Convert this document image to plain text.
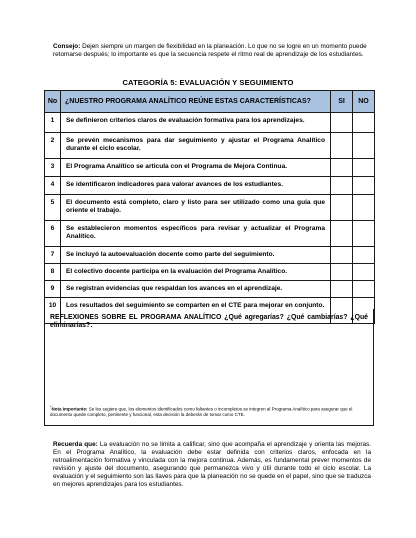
Consejo: Dejen siempre un margen de flexibilidad en la planeación. Lo que no se logre en un momento puede retomarse después; lo importante es que la secuencia respete el ritmo real de aprendizaje de los estudiantes.

CATEGORÍA 5: EVALUACIÓN Y SEGUIMIENTO
No	¿NUESTRO PROGRAMA ANALÍTICO REÚNE ESTAS CARACTERÍSTICAS?	SI	NO
1	Se definieron criterios claros de evaluación formativa para los aprendizajes.		
2	Se prevén mecanismos para dar seguimiento y ajustar el Programa Analítico durante el ciclo escolar.		
3	El Programa Analítico se articula con el Programa de Mejora Continua.		
4	Se identificaron indicadores para valorar avances de los estudiantes.		
5	El documento está completo, claro y listo para ser utilizado como una guía que oriente el trabajo.		
6	Se establecieron momentos específicos para revisar y actualizar el Programa Analítico.		
7	Se incluyó la autoevaluación docente como parte del seguimiento.		
8	El colectivo docente participa en la evaluación del Programa Analítico.		
9	Se registran evidencias que respaldan los avances en el aprendizaje.		
10	Los resultados del seguimiento se comparten en el CTE para mejorar en conjunto.		
REFLEXIONES SOBRE EL PROGRAMA ANALÍTICO ¿Qué agregarías? ¿Qué cambiarías? ¿Qué eliminarías?:
*Nota importante: Se les sugiere que, los elementos identificados como faltantes o incompletos se integren al Programa Analítico para asegurar que el documento quede completo, pertinente y funcional, esta decisión la deberán de tomar como CTE.

Recuerda que: La evaluación no se limita a calificar, sino que acompaña el aprendizaje y orienta las mejoras. En el Programa Analítico, la evaluación debe estar definida con criterios claros, enfocada en la retroalimentación formativa y vinculada con la mejora continua. Además, es fundamental prever momentos de revisión y ajuste del documento, asegurando que permanezca vivo y útil durante todo el ciclo escolar. La evaluación y el seguimiento son las llaves para que la planeación no se quede en el papel, sino que se traduzca en mejores aprendizajes para los estudiantes.
